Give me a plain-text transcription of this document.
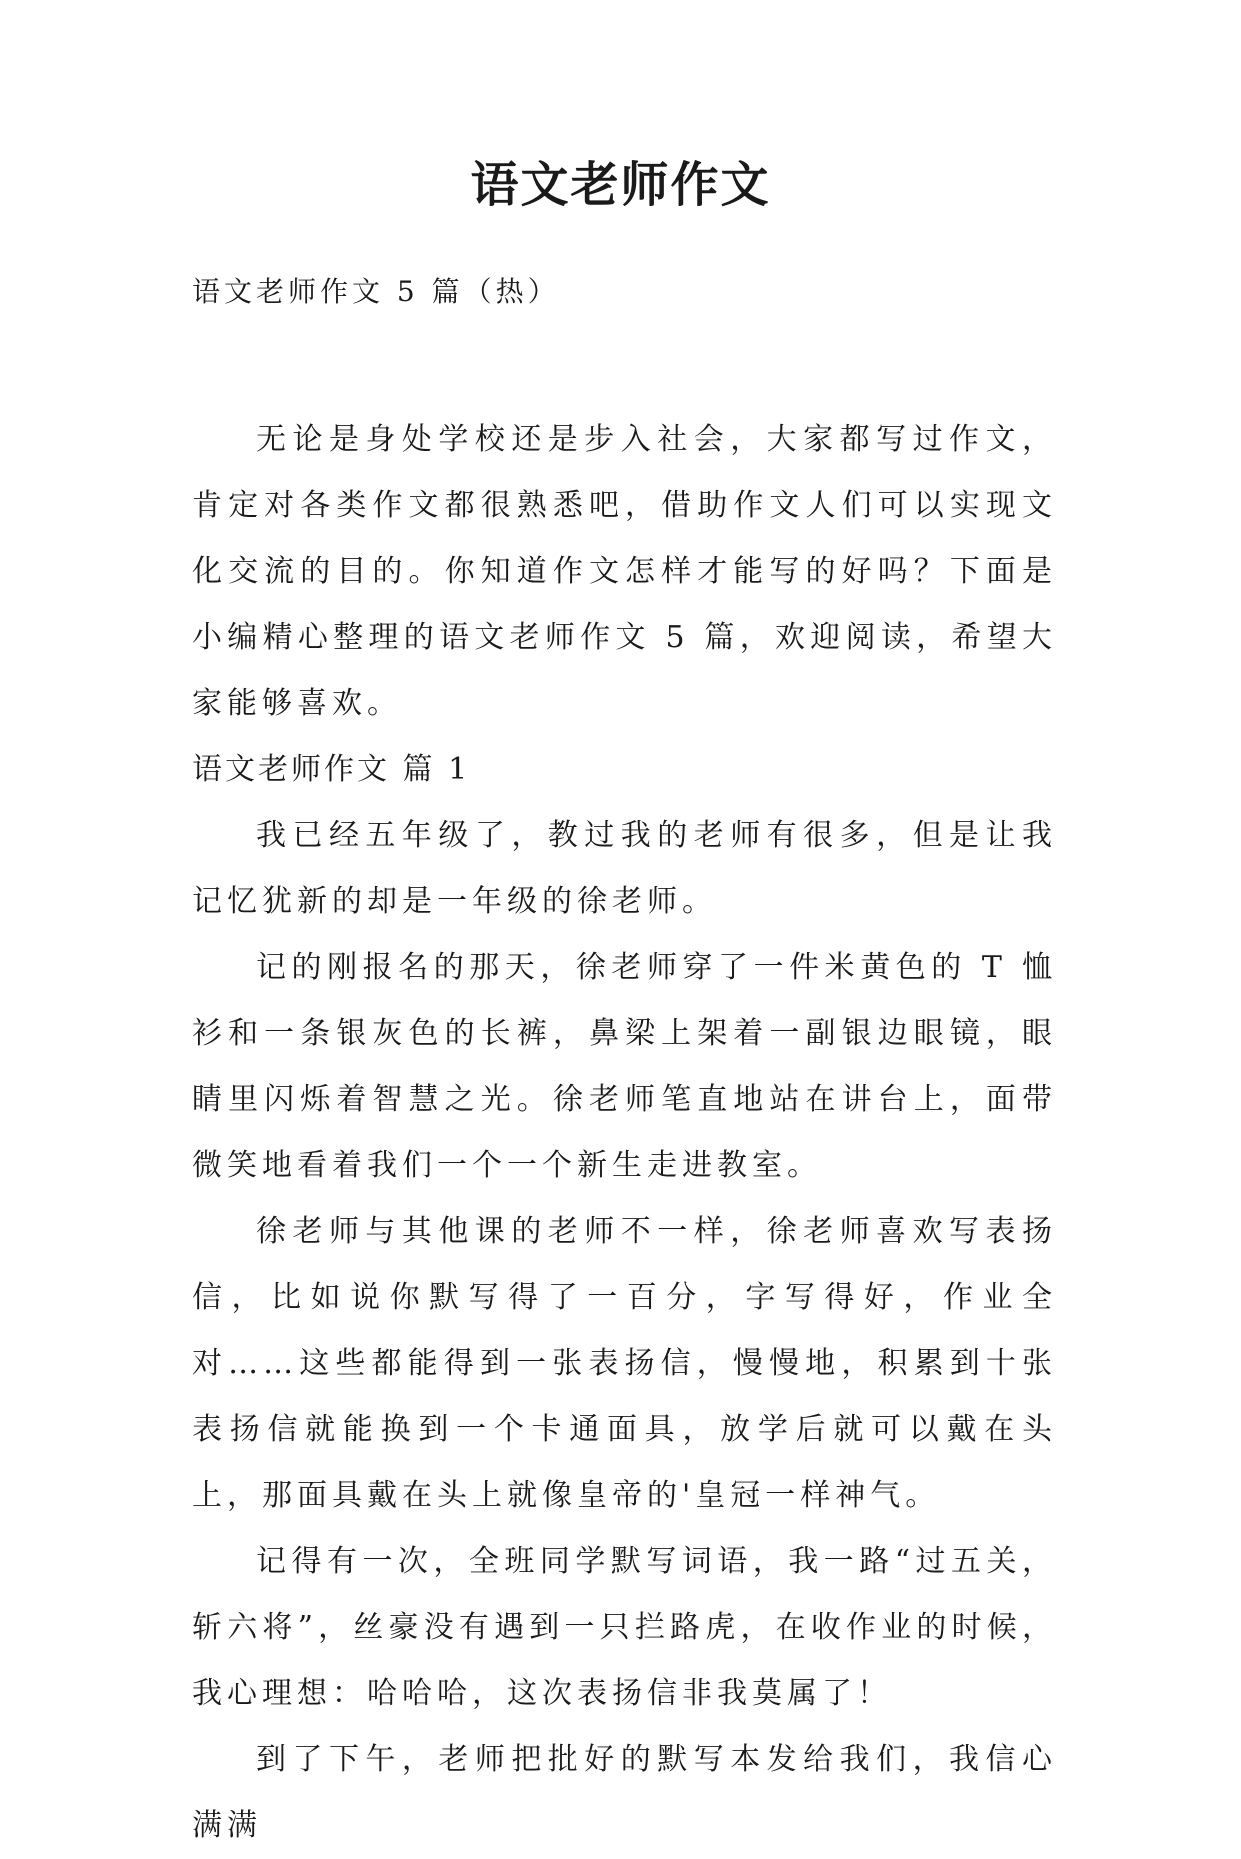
语文老师作文

语文老师作文 5 篇（热）

无论是身处学校还是步入社会，大家都写过作文，肯定对各类作文都很熟悉吧，借助作文人们可以实现文化交流的目的。你知道作文怎样才能写的好吗？下面是小编精心整理的语文老师作文 5 篇，欢迎阅读，希望大家能够喜欢。

语文老师作文 篇 1

我已经五年级了，教过我的老师有很多，但是让我记忆犹新的却是一年级的徐老师。

记的刚报名的那天，徐老师穿了一件米黄色的 T 恤衫和一条银灰色的长裤，鼻梁上架着一副银边眼镜，眼睛里闪烁着智慧之光。徐老师笔直地站在讲台上，面带微笑地看着我们一个一个新生走进教室。

徐老师与其他课的老师不一样，徐老师喜欢写表扬信，比如说你默写得了一百分，字写得好，作业全对……这些都能得到一张表扬信，慢慢地，积累到十张表扬信就能换到一个卡通面具，放学后就可以戴在头上，那面具戴在头上就像皇帝的'皇冠一样神气。

记得有一次，全班同学默写词语，我一路“过五关，斩六将”，丝豪没有遇到一只拦路虎，在收作业的时候，我心理想：哈哈哈，这次表扬信非我莫属了！

到了下午，老师把批好的默写本发给我们，我信心满满
